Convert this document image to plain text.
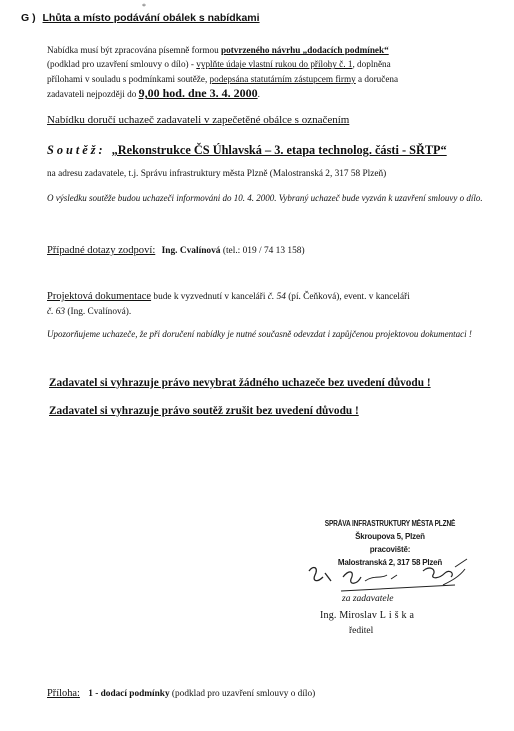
*
G ) Lhůta a místo podávání obálek s nabídkami
Nabídka musí být zpracována písemně formou potvrzeného návrhu „dodacích podmínek“
(podklad pro uzavření smlouvy o dílo) - vyplňte údaje vlastní rukou do přílohy č. 1, doplněna
přílohami v souladu s podmínkami soutěže, podepsána statutárním zástupcem firmy a doručena
zadavateli nejpozději do 9,00 hod. dne 3. 4. 2000.
Nabídku doručí uchazeč zadavateli v zapečetěné obálce s označením
Soutěž: „Rekonstrukce ČS Úhlavská – 3. etapa technolog. části - SŘTP“
na adresu zadavatele, t.j. Správu infrastruktury města Plzně (Malostranská 2, 317 58 Plzeň)
O výsledku soutěže budou uchazeči informováni do 10. 4. 2000. Vybraný uchazeč bude vyzván k uzavření smlouvy o dílo.
Případné dotazy zodpoví: Ing. Cvalínová (tel.: 019 / 74 13 158)
Projektová dokumentace bude k vyzvednutí v kanceláři č. 54 (pí. Čeňková), event. v kanceláři
č. 63 (Ing. Cvalínová).
Upozorňujeme uchazeče, že při doručení nabídky je nutné současně odevzdat i zapůjčenou projektovou dokumentaci !
Zadavatel si vyhrazuje právo nevybrat žádného uchazeče bez uvedení důvodu !
Zadavatel si vyhrazuje právo soutěž zrušit bez uvedení důvodu !
SPRÁVA INFRASTRUKTURY MĚSTA PLZNĚ
Škroupova 5, Plzeň
pracoviště:
Malostranská 2, 317 58 Plzeň
za zadavatele
Ing. Miroslav Liška
ředitel
Příloha: 1 - dodací podmínky (podklad pro uzavření smlouvy o dílo)
